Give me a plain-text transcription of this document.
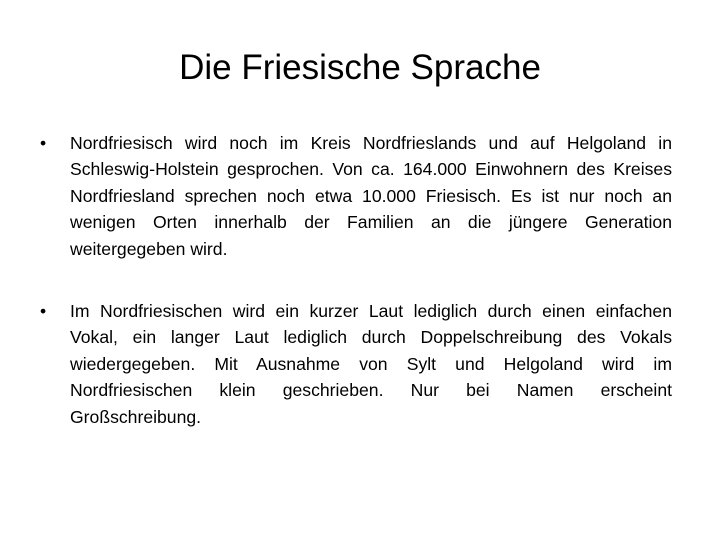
Die Friesische Sprache
•	Nordfriesisch wird noch im Kreis Nordfrieslands und auf Helgoland in Schleswig-Holstein gesprochen. Von ca. 164.000 Einwohnern des Kreises Nordfriesland sprechen noch etwa 10.000 Friesisch. Es ist nur noch an wenigen Orten innerhalb der Familien an die jüngere Generation weitergegeben wird.
•	Im Nordfriesischen wird ein kurzer Laut lediglich durch einen einfachen Vokal, ein langer Laut lediglich durch Doppelschreibung des Vokals wiedergegeben. Mit Ausnahme von Sylt und Helgoland wird im Nordfriesischen klein geschrieben. Nur bei Namen erscheint Großschreibung.
